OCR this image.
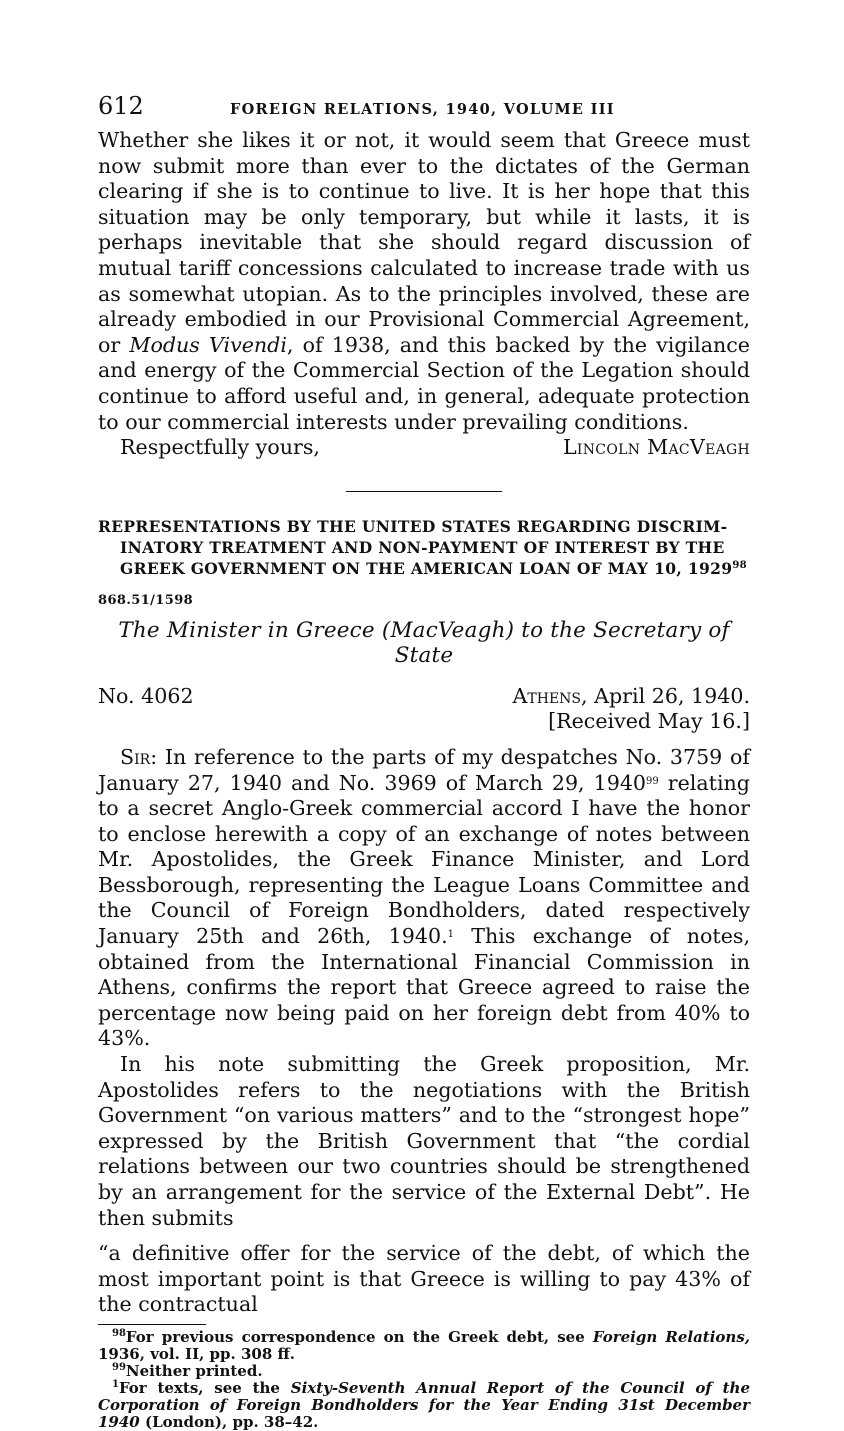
612	FOREIGN RELATIONS, 1940, VOLUME III

Whether she likes it or not, it would seem that Greece must now submit more than ever to the dictates of the German clearing if she is to continue to live. It is her hope that this situation may be only temporary, but while it lasts, it is perhaps inevitable that she should regard discussion of mutual tariff concessions calculated to increase trade with us as somewhat utopian. As to the principles involved, these are already embodied in our Provisional Commercial Agreement, or Modus Vivendi, of 1938, and this backed by the vigilance and energy of the Commercial Section of the Legation should continue to afford useful and, in general, adequate protection to our commercial interests under prevailing conditions.

Respectfully yours,	Lincoln MacVeagh
REPRESENTATIONS BY THE UNITED STATES REGARDING DISCRIM-
INATORY TREATMENT AND NON-PAYMENT OF INTEREST BY THE
GREEK GOVERNMENT ON THE AMERICAN LOAN OF MAY 10, 1929$^{98}$
868.51/1598
The Minister in Greece (MacVeagh) to the Secretary of State
No. 4062	Athens, April 26, 1940.
[Received May 16.]

Sir: In reference to the parts of my despatches No. 3759 of January 27, 1940 and No. 3969 of March 29, 1940$^{99}$ relating to a secret Anglo-Greek commercial accord I have the honor to enclose herewith a copy of an exchange of notes between Mr. Apostolides, the Greek Finance Minister, and Lord Bessborough, representing the League Loans Committee and the Council of Foreign Bondholders, dated respectively January 25th and 26th, 1940.$^1$ This exchange of notes, obtained from the International Financial Commission in Athens, confirms the report that Greece agreed to raise the percentage now being paid on her foreign debt from 40% to 43%.

In his note submitting the Greek proposition, Mr. Apostolides refers to the negotiations with the British Government “on various matters” and to the “strongest hope” expressed by the British Government that “the cordial relations between our two countries should be strengthened by an arrangement for the service of the External Debt”. He then submits

“a definitive offer for the service of the debt, of which the most important point is that Greece is willing to pay 43% of the contractual

$^{98}$For previous correspondence on the Greek debt, see Foreign Relations, 1936, vol. II, pp. 308 ff.
$^{99}$Neither printed.
$^1$For texts, see the Sixty-Seventh Annual Report of the Council of the Corporation of Foreign Bondholders for the Year Ending 31st December 1940 (London), pp. 38–42.
